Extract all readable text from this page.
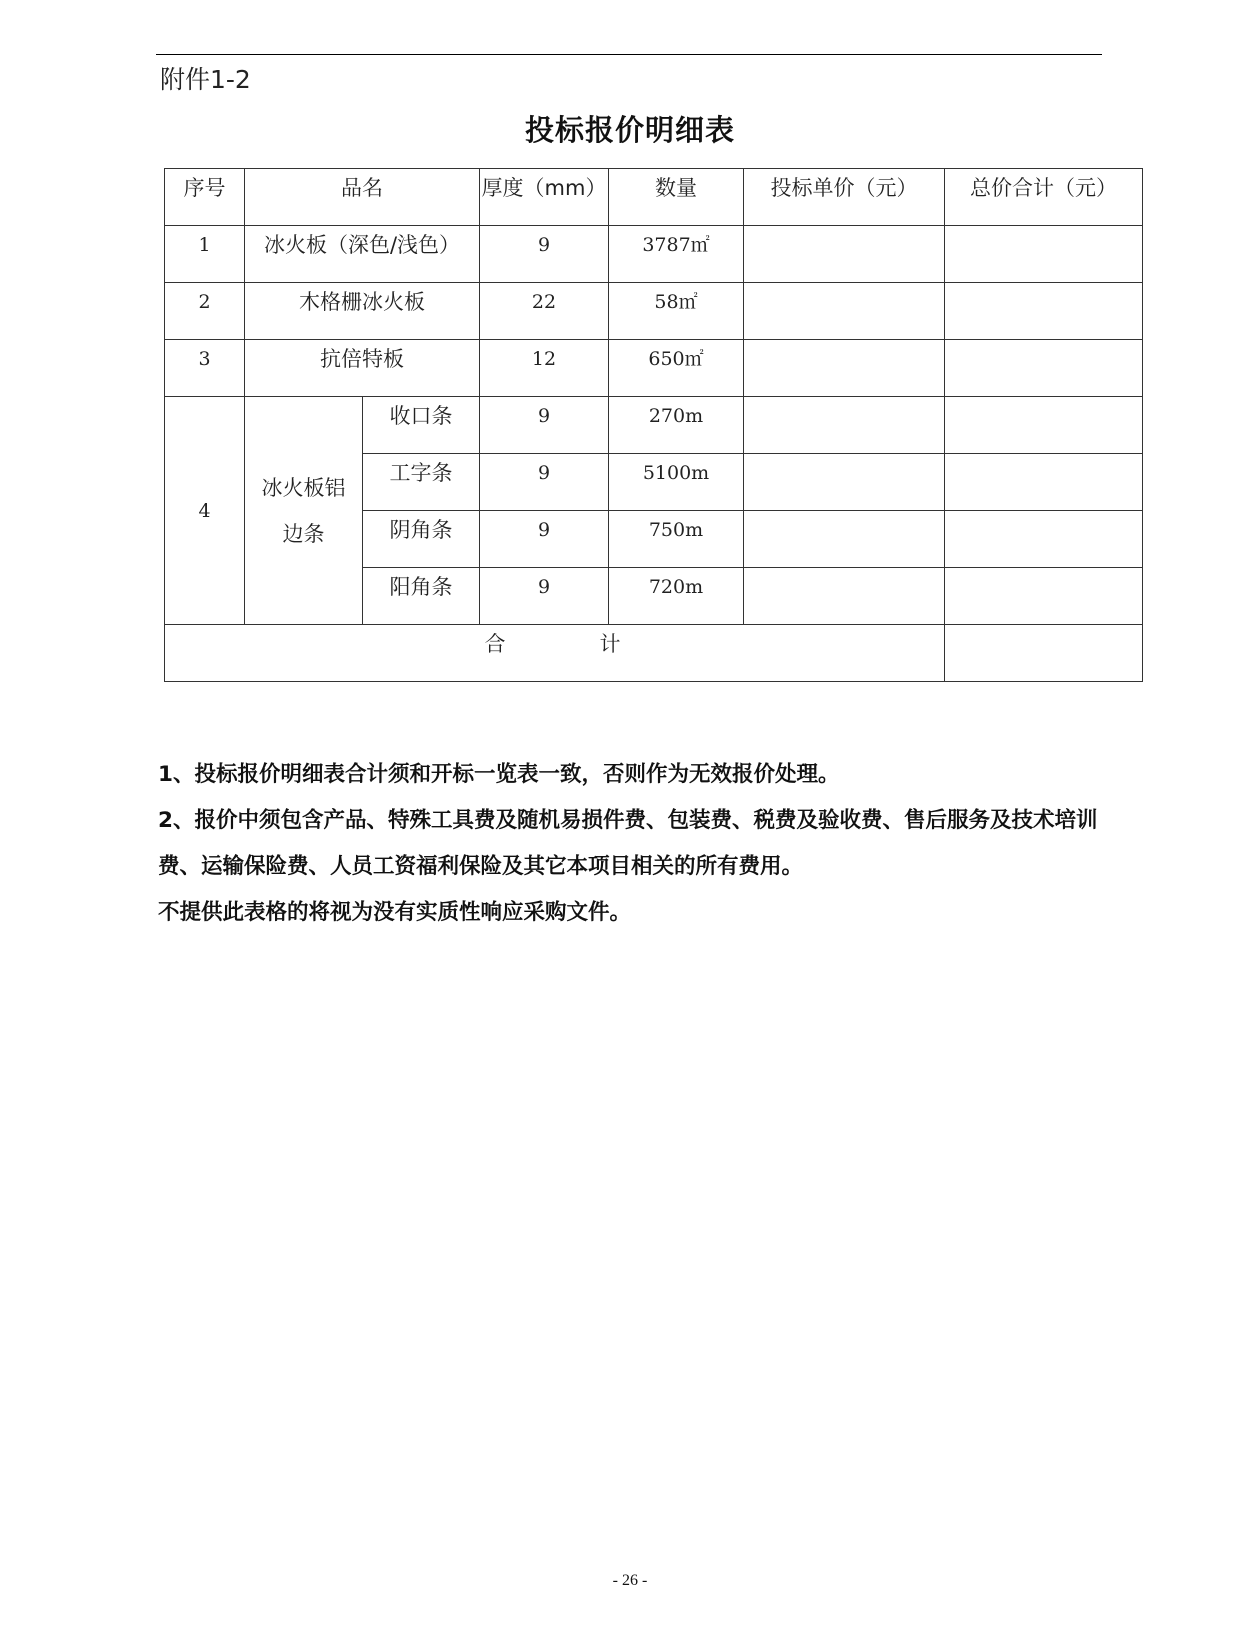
附件1-2
投标报价明细表
序号	品名		厚度（mm）	数量	投标单价（元）	总价合计（元）

1	冰火板（深色/浅色）		9	3787㎡		

2	木格栅冰火板		22	58㎡		

3	抗倍特板		12	650㎡		

4	冰火板铝边条	收口条	9	270m		

		工字条	9	5100m		

		阴角条	9	750m		

		阳角条	9	720m		

合 计						

1、投标报价明细表合计须和开标一览表一致，否则作为无效报价处理。

2、报价中须包含产品、特殊工具费及随机易损件费、包装费、税费及验收费、售后服务及技术培训费、运输保险费、人员工资福利保险及其它本项目相关的所有费用。

不提供此表格的将视为没有实质性响应采购文件。

- 26 -
